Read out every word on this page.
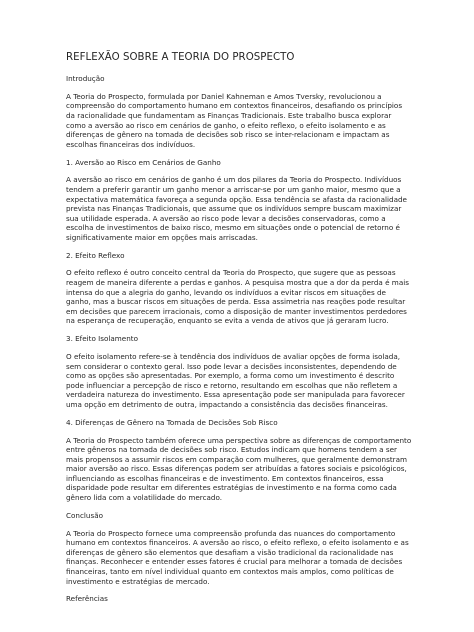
REFLEXÃO SOBRE A TEORIA DO PROSPECTO
Introdução
A Teoria do Prospecto, formulada por Daniel Kahneman e Amos Tversky, revolucionou a compreensão do comportamento humano em contextos financeiros, desafiando os princípios da racionalidade que fundamentam as Finanças Tradicionais. Este trabalho busca explorar como a aversão ao risco em cenários de ganho, o efeito reflexo, o efeito isolamento e as diferenças de gênero na tomada de decisões sob risco se inter-relacionam e impactam as escolhas financeiras dos indivíduos.
1. Aversão ao Risco em Cenários de Ganho
A aversão ao risco em cenários de ganho é um dos pilares da Teoria do Prospecto. Indivíduos tendem a preferir garantir um ganho menor a arriscar-se por um ganho maior, mesmo que a expectativa matemática favoreça a segunda opção. Essa tendência se afasta da racionalidade prevista nas Finanças Tradicionais, que assume que os indivíduos sempre buscam maximizar sua utilidade esperada. A aversão ao risco pode levar a decisões conservadoras, como a escolha de investimentos de baixo risco, mesmo em situações onde o potencial de retorno é significativamente maior em opções mais arriscadas.
2. Efeito Reflexo
O efeito reflexo é outro conceito central da Teoria do Prospecto, que sugere que as pessoas reagem de maneira diferente a perdas e ganhos. A pesquisa mostra que a dor da perda é mais intensa do que a alegria do ganho, levando os indivíduos a evitar riscos em situações de ganho, mas a buscar riscos em situações de perda. Essa assimetria nas reações pode resultar em decisões que parecem irracionais, como a disposição de manter investimentos perdedores na esperança de recuperação, enquanto se evita a venda de ativos que já geraram lucro.
3. Efeito Isolamento
O efeito isolamento refere-se à tendência dos indivíduos de avaliar opções de forma isolada, sem considerar o contexto geral. Isso pode levar a decisões inconsistentes, dependendo de como as opções são apresentadas. Por exemplo, a forma como um investimento é descrito pode influenciar a percepção de risco e retorno, resultando em escolhas que não refletem a verdadeira natureza do investimento. Essa apresentação pode ser manipulada para favorecer uma opção em detrimento de outra, impactando a consistência das decisões financeiras.
4. Diferenças de Gênero na Tomada de Decisões Sob Risco
A Teoria do Prospecto também oferece uma perspectiva sobre as diferenças de comportamento entre gêneros na tomada de decisões sob risco. Estudos indicam que homens tendem a ser mais propensos a assumir riscos em comparação com mulheres, que geralmente demonstram maior aversão ao risco. Essas diferenças podem ser atribuídas a fatores sociais e psicológicos, influenciando as escolhas financeiras e de investimento. Em contextos financeiros, essa disparidade pode resultar em diferentes estratégias de investimento e na forma como cada gênero lida com a volatilidade do mercado.
Conclusão
A Teoria do Prospecto fornece uma compreensão profunda das nuances do comportamento humano em contextos financeiros. A aversão ao risco, o efeito reflexo, o efeito isolamento e as diferenças de gênero são elementos que desafiam a visão tradicional da racionalidade nas finanças. Reconhecer e entender esses fatores é crucial para melhorar a tomada de decisões financeiras, tanto em nível individual quanto em contextos mais amplos, como políticas de investimento e estratégias de mercado.
Referências
